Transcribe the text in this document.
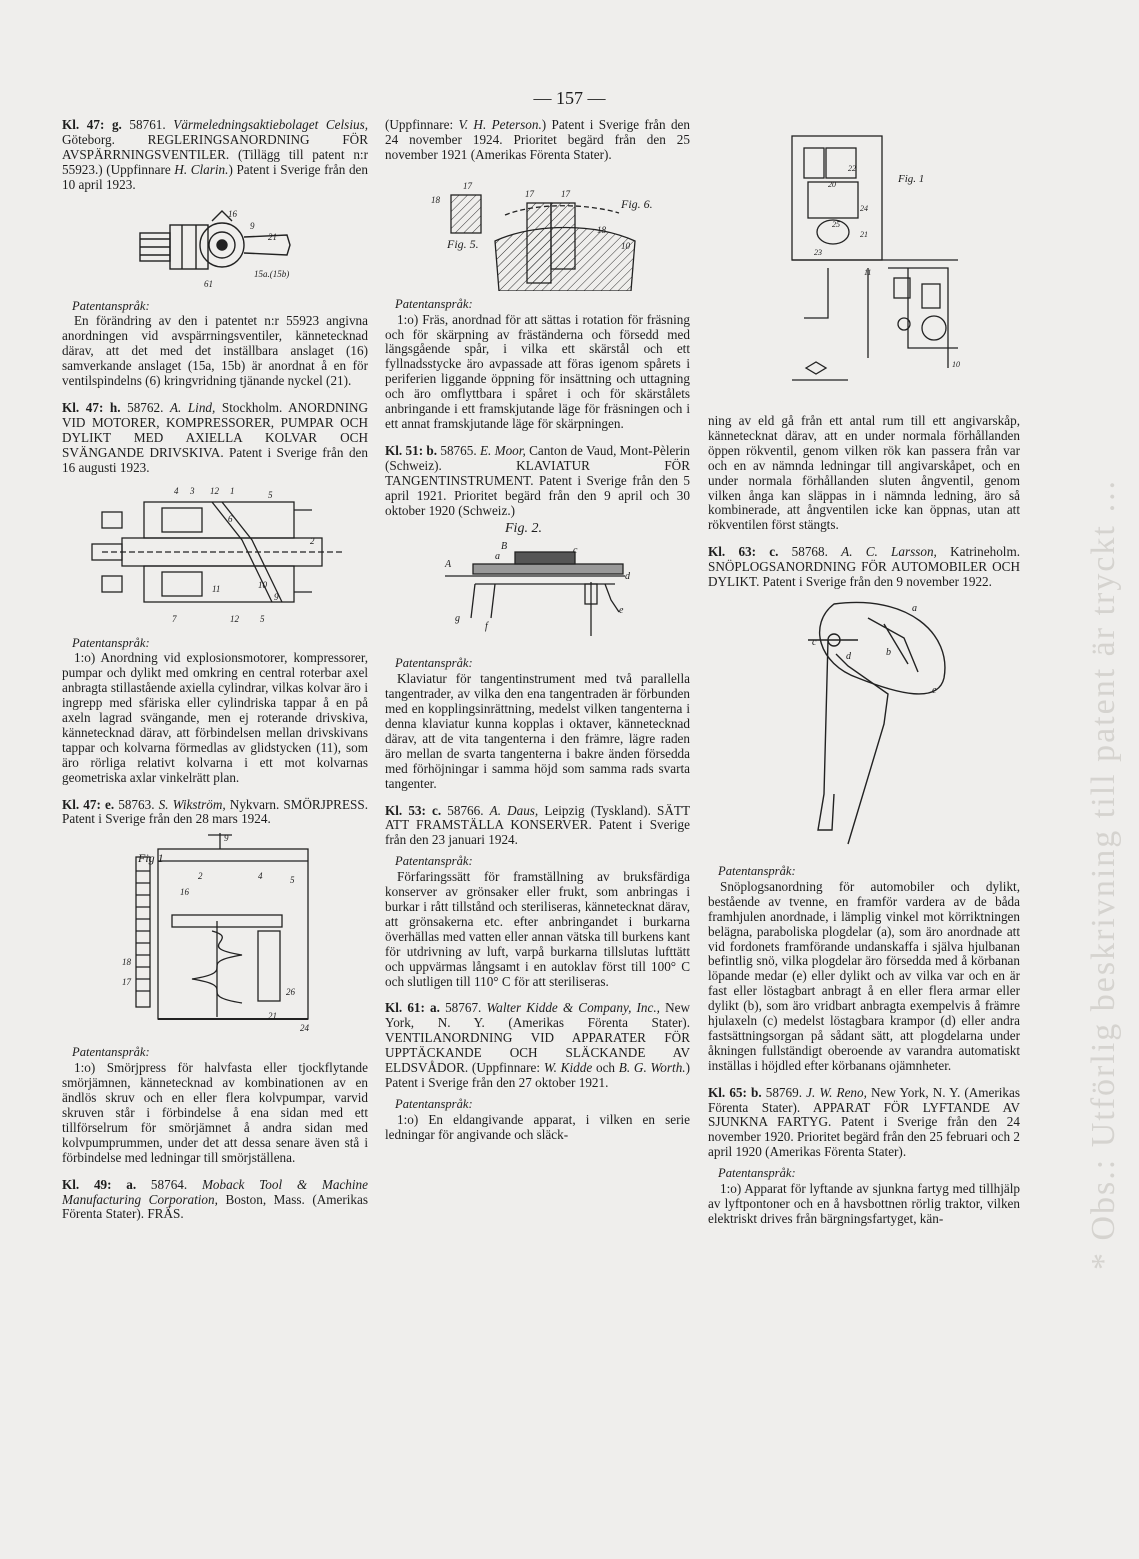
* Obs.: Utförlig beskrivning till patent är tryckt …
— 157 —

Kl. 47: g. 58761. Värmeledningsaktiebolaget Celsius, Göteborg. REGLERINGSANORDNING FÖR AVSPÄRRNINGSVENTILER. (Tillägg till patent n:r 55923.) (Uppfinnare H. Clarin.) Patent i Sverige från den 10 april 1923.

16
9
21
15a.(15b)
61

Patentanspråk:

En förändring av den i patentet n:r 55923 angivna anordningen vid avspärrningsventiler, kännetecknad därav, att det med det inställbara anslaget (16) samverkande anslaget (15a, 15b) är anordnat å en för ventilspindelns (6) kringvridning tjänande nyckel (21).

Kl. 47: h. 58762. A. Lind, Stockholm. ANORDNING VID MOTORER, KOMPRESSORER, PUMPAR OCH DYLIKT MED AXIELLA KOLVAR OCH SVÄNGANDE DRIVSKIVA. Patent i Sverige från den 16 augusti 1923.

4 3 12 1	5
6
2
11	10
9
7	12 5

Patentanspråk:

1:o) Anordning vid explosionsmotorer, kompressorer, pumpar och dylikt med omkring en central roterbar axel anbragta stillastående axiella cylindrar, vilkas kolvar äro i ingrepp med sfäriska eller cylindriska tappar å en på axeln lagrad svängande, men ej roterande drivskiva, kännetecknad därav, att förbindelsen mellan drivskivans tappar och kolvarna förmedlas av glidstycken (11), som äro rörliga relativt kolvarna i ett mot kolvarnas geometriska axlar vinkelrätt plan.

Kl. 47: e. 58763. S. Wikström, Nykvarn. SMÖRJPRESS. Patent i Sverige från den 28 mars 1924.

Fig 1
9
2	4	5
16
18
17
26
21
24

Patentanspråk:

1:o) Smörjpress för halvfasta eller tjockflytande smörjämnen, kännetecknad av kombinationen av en ändlös skruv och en eller flera kolvpumpar, varvid skruven står i förbindelse å ena sidan med ett tillförselrum för smörjämnet å andra sidan med kolvpumprummen, under det att dessa senare även stå i förbindelse med ledningar till smörjställena.

Kl. 49: a. 58764. Moback Tool & Machine Manufacturing Corporation, Boston, Mass. (Amerikas Förenta Stater). FRÄS.

(Uppfinnare: V. H. Peterson.) Patent i Sverige från den 24 november 1924. Prioritet begärd från den 25 november 1921 (Amerikas Förenta Stater).

18
17
17	17
Fig. 6.
18
Fig. 5.	10

Patentanspråk:

1:o) Fräs, anordnad för att sättas i rotation för fräsning och för skärpning av fräständerna och försedd med längsgående spår, i vilka ett skärstål och ett fyllnadsstycke äro avpassade att föras igenom spårets i periferien liggande öppning för insättning och uttagning och äro omflyttbara i spåret i och för skärstålets anbringande i ett framskjutande läge för fräsningen och i ett annat framskjutande läge för skärpningen.

Kl. 51: b. 58765. E. Moor, Canton de Vaud, Mont-Pèlerin (Schweiz). KLAVIATUR FÖR TANGENTINSTRUMENT. Patent i Sverige från den 5 april 1921. Prioritet begärd från den 9 april och 30 oktober 1920 (Schweiz.)

Fig. 2.
B
a
c
A
d
g
f
e

Patentanspråk:

Klaviatur för tangentinstrument med två parallella tangentrader, av vilka den ena tangentraden är förbunden med en kopplingsinrättning, medelst vilken tangenterna i denna klaviatur kunna kopplas i oktaver, kännetecknad därav, att de vita tangenterna i den främre, lägre raden äro mellan de svarta tangenterna i bakre änden försedda med förhöjningar i samma höjd som samma rads svarta tangenter.

Kl. 53: c. 58766. A. Daus, Leipzig (Tyskland). SÄTT ATT FRAMSTÄLLA KONSERVER. Patent i Sverige från den 23 januari 1924.

Patentanspråk:

Förfaringssätt för framställning av bruksfärdiga konserver av grönsaker eller frukt, som anbringas i burkar i rått tillstånd och steriliseras, kännetecknat därav, att grönsakerna etc. efter anbringandet i burkarna överhällas med vatten eller annan vätska till burkens kant för utdrivning av luft, varpå burkarna tillslutas lufttätt och uppvärmas långsamt i en autoklav först till 100° C och slutligen till 110° C för att steriliseras.

Kl. 61: a. 58767. Walter Kidde & Company, Inc., New York, N. Y. (Amerikas Förenta Stater). VENTILANORDNING VID APPARATER FÖR UPPTÄCKANDE OCH SLÄCKANDE AV ELDSVÅDOR. (Uppfinnare: W. Kidde och B. G. Worth.) Patent i Sverige från den 27 oktober 1921.

Patentanspråk:

1:o) En eldangivande apparat, i vilken en serie ledningar för angivande och släck-

Fig. 1
22
20
24
25
21
23
11
10

ning av eld gå från ett antal rum till ett angivarskåp, kännetecknat därav, att en under normala förhållanden öppen rökventil, genom vilken rök kan passera från var och en av nämnda ledningar till angivarskåpet, och en under normala förhållanden sluten ångventil, genom vilken ånga kan släppas in i nämnda ledning, äro så kombinerade, att ångventilen icke kan öppnas, utan att rökventilen först stängts.

Kl. 63: c. 58768. A. C. Larsson, Katrineholm. SNÖPLOGSANORDNING FÖR AUTOMOBILER OCH DYLIKT. Patent i Sverige från den 9 november 1922.

a
b
c
d
e

Patentanspråk:

Snöplogsanordning för automobiler och dylikt, bestående av tvenne, en framför vardera av de båda framhjulen anordnade, i lämplig vinkel mot körriktningen belägna, paraboliska plogdelar (a), som äro anordnade att vid fordonets framförande undanskaffa i själva hjulbanan befintlig snö, vilka plogdelar äro försedda med å körbanan löpande medar (e) eller dylikt och av vilka var och en är fast eller löstagbart anbragt å en eller flera armar eller dylikt (b), som äro vridbart anbragta exempelvis å främre hjulaxeln (c) medelst löstagbara krampor (d) eller andra fastsättningsorgan på sådant sätt, att plogdelarna under åkningen fullständigt oberoende av varandra automatiskt inställas i höjdled efter körbanans ojämnheter.

Kl. 65: b. 58769. J. W. Reno, New York, N. Y. (Amerikas Förenta Stater). APPARAT FÖR LYFTANDE AV SJUNKNA FARTYG. Patent i Sverige från den 24 november 1920. Prioritet begärd från den 25 februari och 2 april 1920 (Amerikas Förenta Stater).

Patentanspråk:

1:o) Apparat för lyftande av sjunkna fartyg med tillhjälp av lyftpontoner och en å havsbottnen rörlig traktor, vilken elektriskt drives från bärgningsfartyget, kän-
